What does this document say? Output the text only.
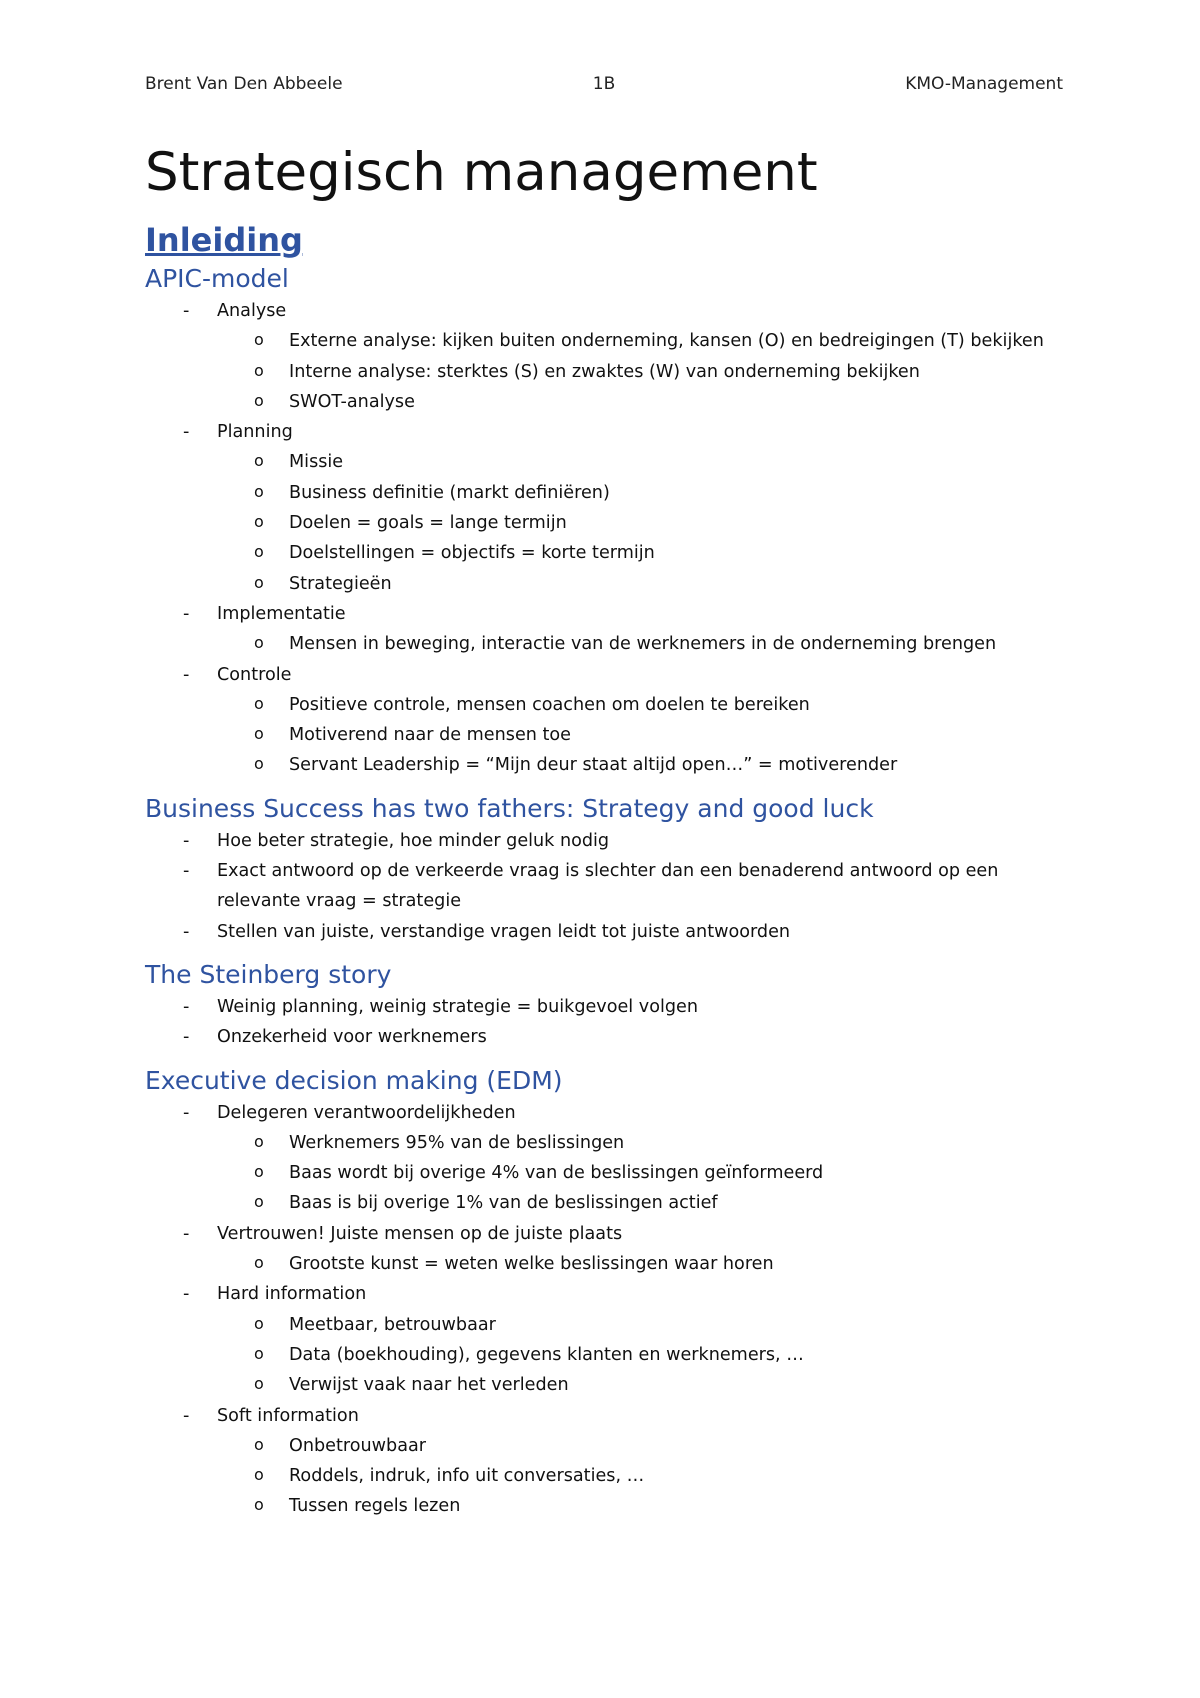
Brent Van Den Abbeele	1B	KMO-Management
Strategisch management
Inleiding
APIC-model
- Analyse
o Externe analyse: kijken buiten onderneming, kansen (O) en bedreigingen (T) bekijken
o Interne analyse: sterktes (S) en zwaktes (W) van onderneming bekijken
o SWOT-analyse
- Planning
o Missie
o Business definitie (markt definiëren)
o Doelen = goals = lange termijn
o Doelstellingen = objectifs = korte termijn
o Strategieën
- Implementatie
o Mensen in beweging, interactie van de werknemers in de onderneming brengen
- Controle
o Positieve controle, mensen coachen om doelen te bereiken
o Motiverend naar de mensen toe
o Servant Leadership = “Mijn deur staat altijd open…” = motiverender
Business Success has two fathers: Strategy and good luck
- Hoe beter strategie, hoe minder geluk nodig
- Exact antwoord op de verkeerde vraag is slechter dan een benaderend antwoord op een relevante vraag = strategie
- Stellen van juiste, verstandige vragen leidt tot juiste antwoorden
The Steinberg story
- Weinig planning, weinig strategie = buikgevoel volgen
- Onzekerheid voor werknemers
Executive decision making (EDM)
- Delegeren verantwoordelijkheden
o Werknemers 95% van de beslissingen
o Baas wordt bij overige 4% van de beslissingen geïnformeerd
o Baas is bij overige 1% van de beslissingen actief
- Vertrouwen! Juiste mensen op de juiste plaats
o Grootste kunst = weten welke beslissingen waar horen
- Hard information
o Meetbaar, betrouwbaar
o Data (boekhouding), gegevens klanten en werknemers, …
o Verwijst vaak naar het verleden
- Soft information
o Onbetrouwbaar
o Roddels, indruk, info uit conversaties, …
o Tussen regels lezen
